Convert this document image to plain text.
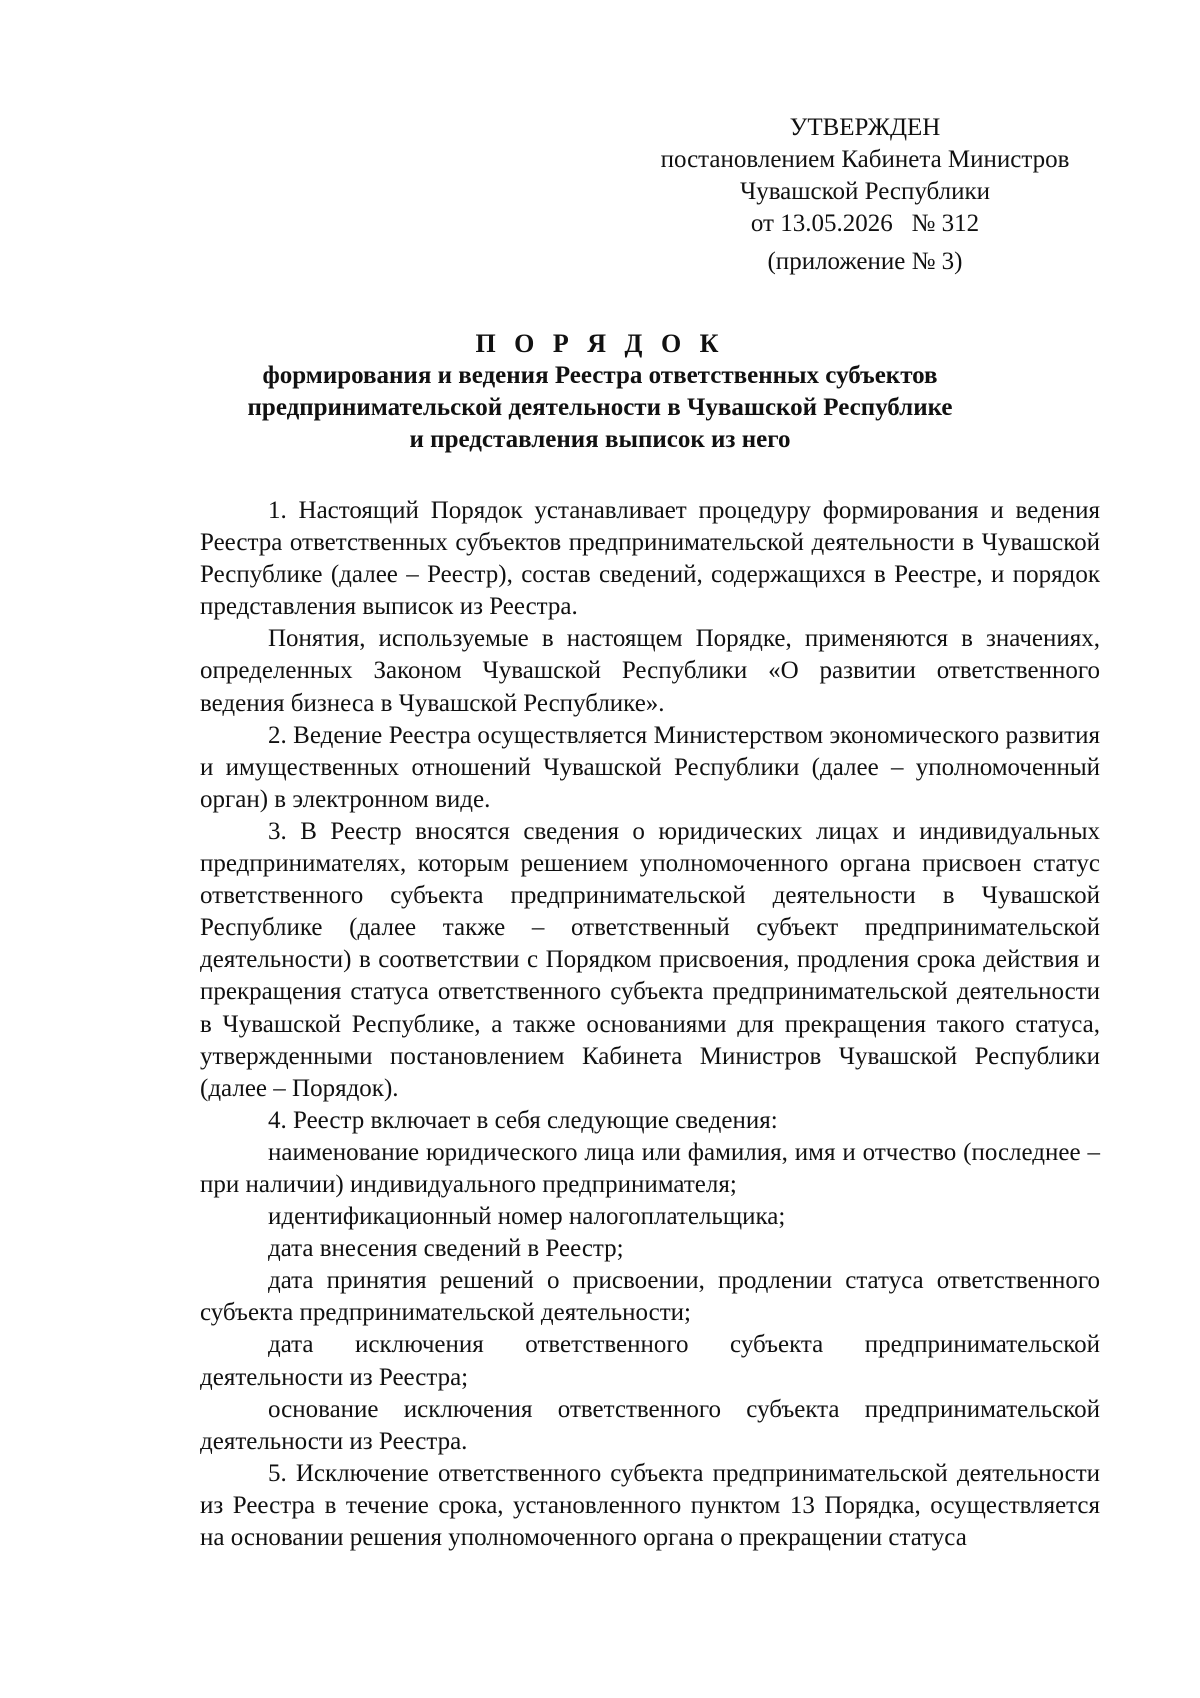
УТВЕРЖДЕН
постановлением Кабинета Министров
Чувашской Республики
от 13.05.2026   № 312
(приложение № 3)
П О Р Я Д О К
формирования и ведения Реестра ответственных субъектов
предпринимательской деятельности в Чувашской Республике
и представления выписок из него

1. Настоящий Порядок устанавливает процедуру формирования и ведения Реестра ответственных субъектов предпринимательской деятельности в Чувашской Республике (далее – Реестр), состав сведений, содержащихся в Реестре, и порядок представления выписок из Реестра.

Понятия, используемые в настоящем Порядке, применяются в значениях, определенных Законом Чувашской Республики «О развитии ответственного ведения бизнеса в Чувашской Республике».

2. Ведение Реестра осуществляется Министерством экономического развития и имущественных отношений Чувашской Республики (далее – уполномоченный орган) в электронном виде.

3. В Реестр вносятся сведения о юридических лицах и индивидуальных предпринимателях, которым решением уполномоченного органа присвоен статус ответственного субъекта предпринимательской деятельности в Чувашской Республике (далее также – ответственный субъект предпринимательской деятельности) в соответствии с Порядком присвоения, продления срока действия и прекращения статуса ответственного субъекта предпринимательской деятельности в Чувашской Республике, а также основаниями для прекращения такого статуса, утвержденными постановлением Кабинета Министров Чувашской Республики (далее – Порядок).

4. Реестр включает в себя следующие сведения:

наименование юридического лица или фамилия, имя и отчество (последнее – при наличии) индивидуального предпринимателя;

идентификационный номер налогоплательщика;

дата внесения сведений в Реестр;

дата принятия решений о присвоении, продлении статуса ответственного субъекта предпринимательской деятельности;

дата исключения ответственного субъекта предпринимательской деятельности из Реестра;

основание исключения ответственного субъекта предпринимательской деятельности из Реестра.

5. Исключение ответственного субъекта предпринимательской деятельности из Реестра в течение срока, установленного пунктом 13 Порядка, осуществляется на основании решения уполномоченного органа о прекращении статуса
